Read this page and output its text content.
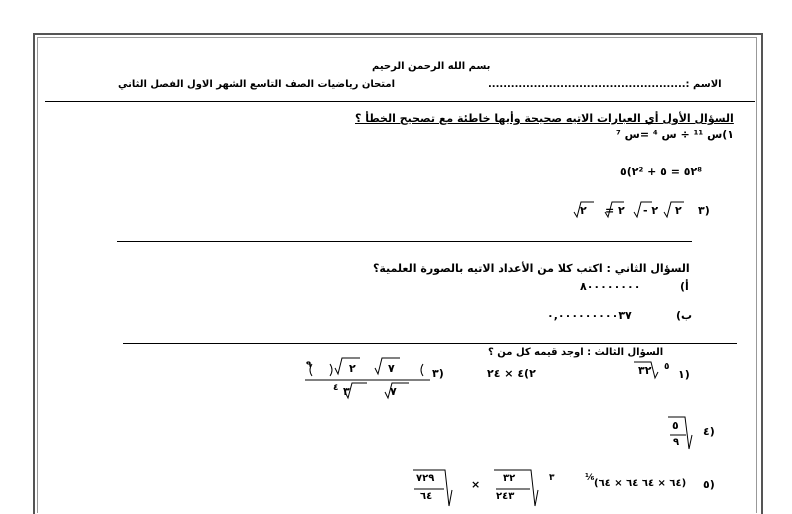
بسم الله الرحمن الرحيم
امتحان رياضيات الصف التاسع الشهر الاول الفصل الثاني	الاسم :....................................................
السؤال الأول أي العبارات الاتيه صحيحة وأيها خاطئة مع تصحيح الخطأ ؟
١)س ¹¹ ÷ س ⁴ =س ⁷
٢)٥² + ٥٢ = ٥⁸
٣)
٢
- ٢
= ٢
٢
السؤال الثاني : اكتب كلا من الأعداد الاتيه بالصورة العلمية؟
أ)
٨٠٠٠٠٠٠٠٠
ب)
٠,٠٠٠٠٠٠٠٠٠٣٧
السؤال الثالث : اوجد قيمه كل من ؟
١)
٣٢ ٥
٢)٤ × ٢٤
٣)
٧
٢
٧
٣
٩
٤
٤)
٥
٩
٥)
(٦٤ × ٦٤ ٦٤ × ٦٤)
¹⁄₆
٣
٣٢
٢٤٣
×
٧٢٩
٦٤
